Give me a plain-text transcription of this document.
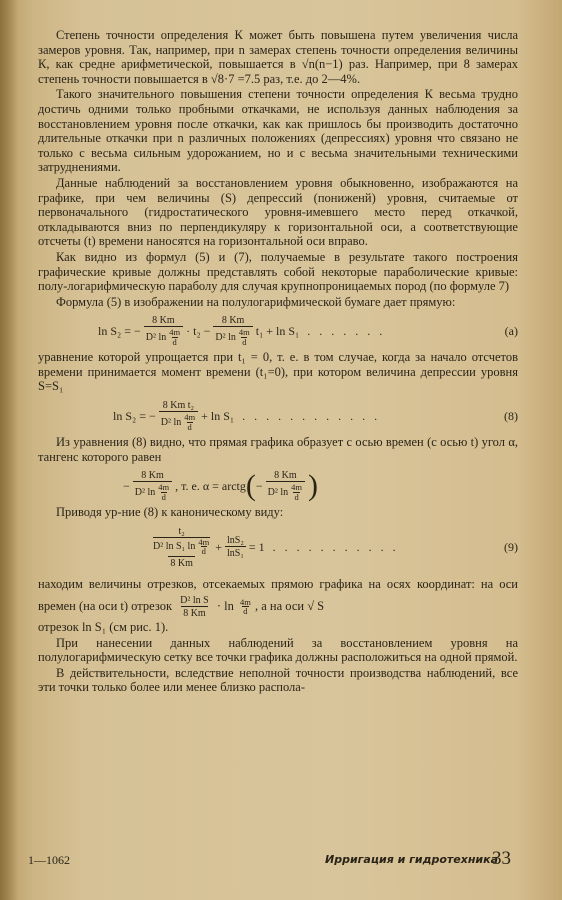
Степень точности определения К может быть повышена путем увеличения числа замеров уровня. Так, например, при n замерах степень точности определения величины К, как средне арифметической, повышается в √n(n−1) раз. Например, при 8 замерах степень точности повышается в √8·7 =7.5 раз, т.е. до 2—4%.

Такого значительного повышения степени точности определения К весьма трудно достичь одними только пробными откачками, не используя данных наблюдения за восстановлением уровня после откачки, как как пришлось бы производить достаточно длительные откачки при n различных положениях (депрессиях) уровня что связано не только с весьма сильным удорожанием, но и с весьма значительными техническими затруднениями.

Данные наблюдений за восстановлением уровня обыкновенно, изображаются на графике, при чем величины (S) депрессий (пониженй) уровня, считаемые от первоначального (гидростатического уровня-имевшего место перед откачкой, откладываются вниз по перпендикуляру к горизонтальной оси, а соответствующие отсчеты (t) времени наносятся на горизонтальной оси вправо.

Как видно из формул (5) и (7), получаемые в результате такого построения графические кривые должны представлять собой некоторые параболические кривые: полу-логарифмическую параболу для случая крупнопроницаемых пород (по формуле 7)

Формула (5) в изображении на полулогарифмической бумаге дает прямую:

ln S₂ = − $\frac{8 Km}{D^2 \ln \frac{4m}{d}} \cdot t_2 - \frac{8 Km}{D^2 \ln \frac{4m}{d}} t_1 + \ln S_1$ . . . . . . .	(a)

уравнение которой упрощается при t₁ = 0, т. е. в том случае, когда за начало отсчетов времени принимается момент времени (t₁=0), при котором величина депрессии уровня S=S₁

ln S₂ = − $\frac{\text{8 Km t₂}}{D^2 \ln \frac{4m}{d}} + \ln S_1$ . . . . . . . . . . . .	(8)

Из уравнения (8) видно, что прямая графика образует с осью времен (с осью t) угол α, тангенс которого равен

− $\frac{8 Km}{D^2 \ln \frac{4m}{d}}$ , т. е. α = arctg ( − $\frac{8 Km}{D^2 \ln \frac{4m}{d}}$ )

Приводя ур-ние (8) к каноническому виду:

$\frac{\text{t₂}}{D^2 \ln S_1 \ln \frac{4m}{d}}$
8 Km
+ $\frac{\text{lnS₂}}{\text{lnS₁}} = 1$ . . . . . . . . . . .	(9)

находим величины отрезков, отсекаемых прямою графика на осях координат: на оси времен (на оси t) отрезок $\frac{\text{D² ln S}}{8 Km} \cdot \ln \frac{4m}{d}$ , а на оси √ S

отрезок ln S₁ (см рис. 1).

При нанесении данных наблюдений за восстановлением уровня на полулогарифмическую сетку все точки графика должны расположиться на одной прямой.

В действительности, вследствие неполной точности производства наблюдений, все эти точки только более или менее близко распола-

1—1062	Ирригация и гидротехника
33
